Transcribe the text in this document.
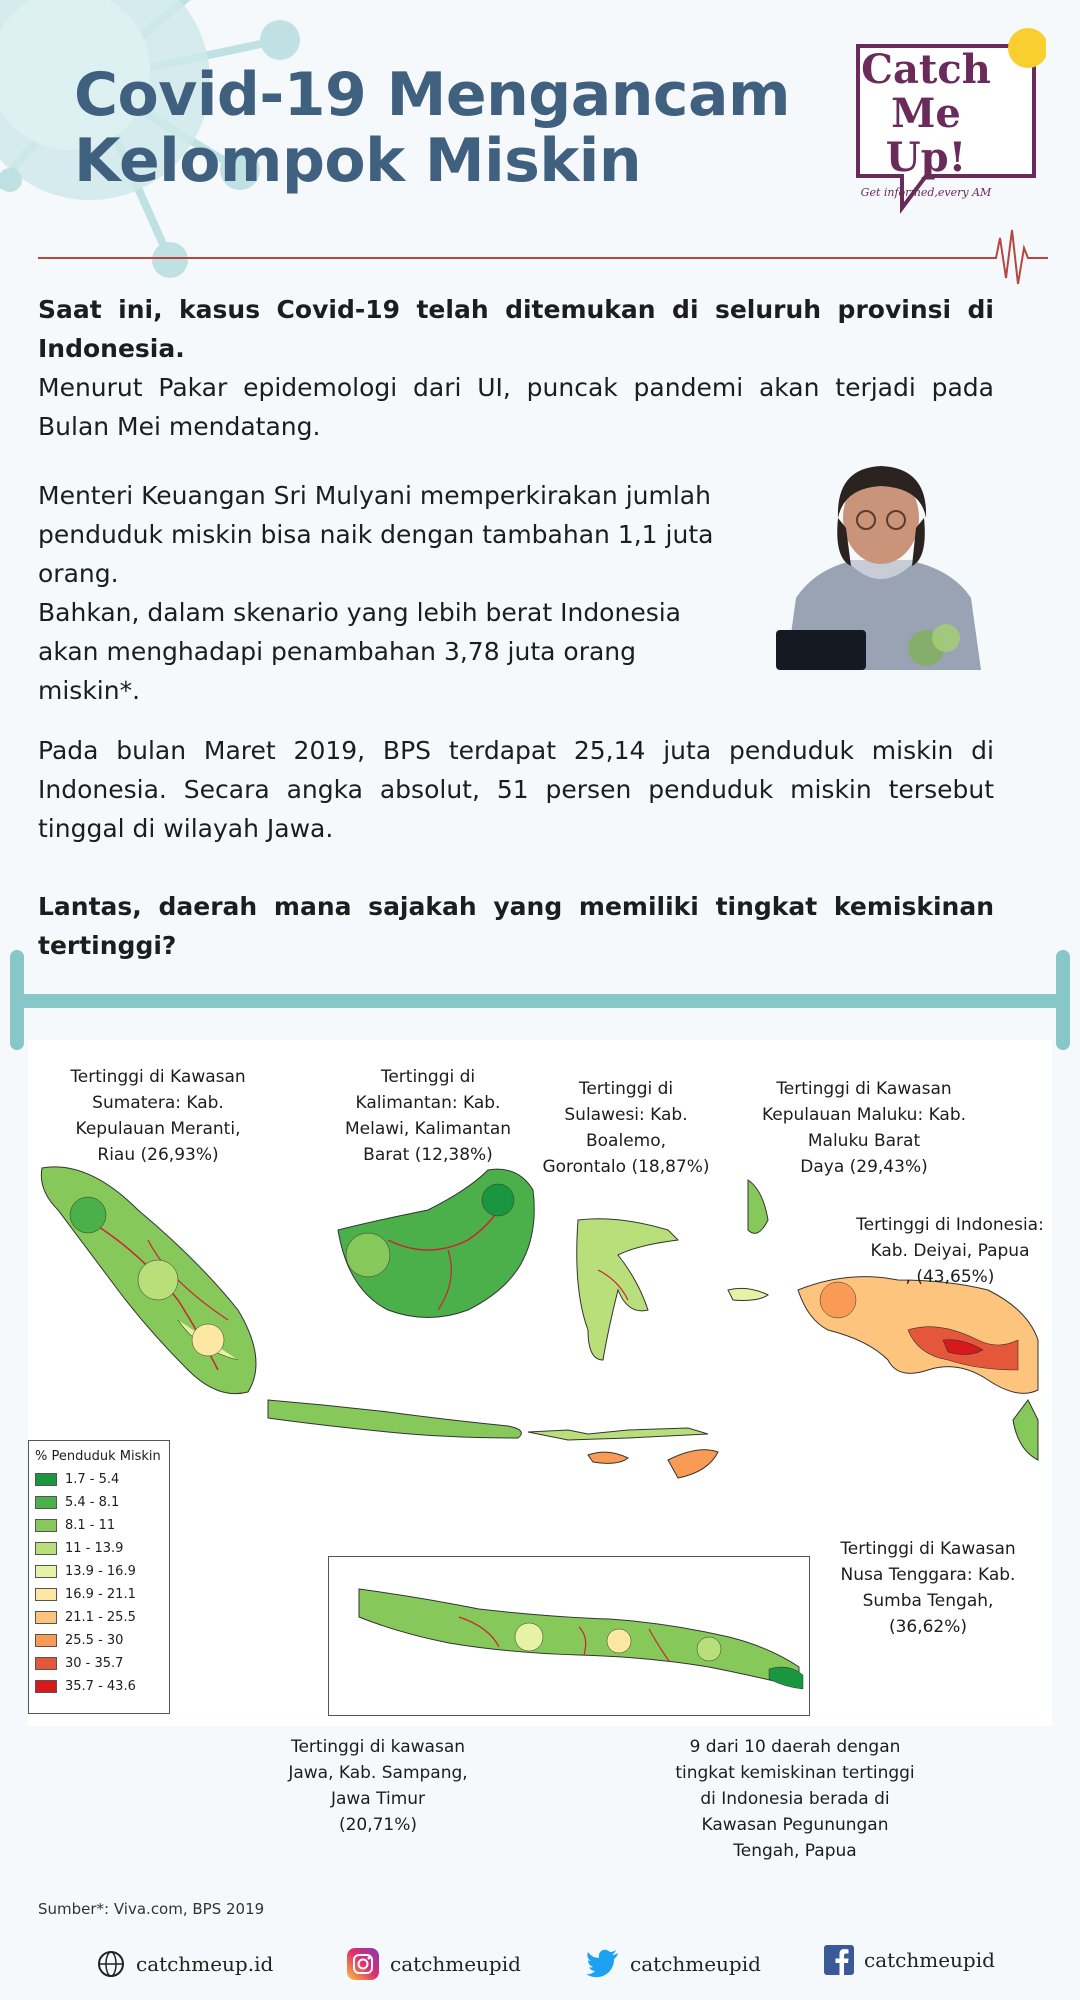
Covid-19 Mengancam
Kelompok Miskin
Catch
Me Up!
Get informed,every AM
Saat ini, kasus Covid-19 telah ditemukan di seluruh provinsi di Indonesia.
Menurut Pakar epidemologi dari UI, puncak pandemi akan terjadi pada Bulan Mei mendatang.
Menteri Keuangan Sri Mulyani memperkirakan jumlah
penduduk miskin bisa naik dengan tambahan 1,1 juta
orang.
Bahkan, dalam skenario yang lebih berat Indonesia
akan menghadapi penambahan 3,78 juta orang
miskin*.
Pada bulan Maret 2019, BPS terdapat 25,14 juta penduduk miskin di Indonesia. Secara angka absolut, 51 persen penduduk miskin tersebut tinggal di wilayah Jawa.
Lantas, daerah mana sajakah yang memiliki tingkat kemiskinan tertinggi?
Tertinggi di Kawasan
Sumatera: Kab.
Kepulauan Meranti,
Riau (26,93%)
Tertinggi di
Kalimantan: Kab.
Melawi, Kalimantan
Barat (12,38%)
Tertinggi di
Sulawesi: Kab.
Boalemo,
Gorontalo (18,87%)
Tertinggi di Kawasan
Kepulauan Maluku: Kab.
Maluku Barat
Daya (29,43%)
Tertinggi di Indonesia:
Kab. Deiyai, Papua
, (43,65%)
Tertinggi di Kawasan
Nusa Tenggara: Kab.
Sumba Tengah,
(36,62%)
% Penduduk Miskin
1.7 - 5.4
5.4 - 8.1
8.1 - 11
11 - 13.9
13.9 - 16.9
16.9 - 21.1
21.1 - 25.5
25.5 - 30
30 - 35.7
35.7 - 43.6
Tertinggi di kawasan
Jawa, Kab. Sampang,
Jawa Timur
(20,71%)
9 dari 10 daerah dengan
tingkat kemiskinan tertinggi
di Indonesia berada di
Kawasan Pegunungan
Tengah, Papua
Sumber*: Viva.com, BPS 2019
catchmeup.id	catchmeupid	catchmeupid	catchmeupid
